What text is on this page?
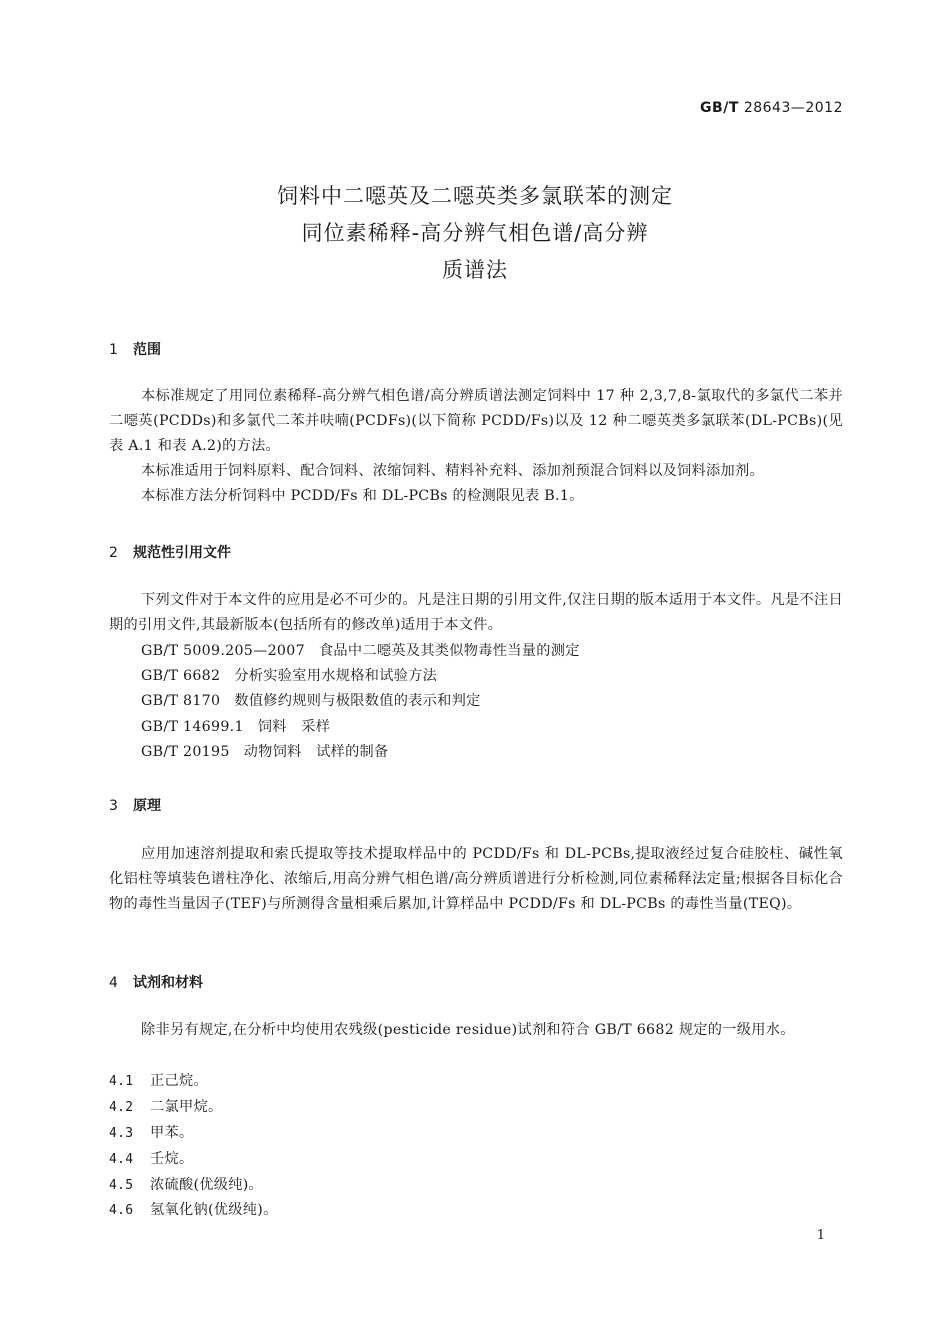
GB/T 28643—2012
饲料中二噁英及二噁英类多氯联苯的测定
同位素稀释-高分辨气相色谱/高分辨
质谱法
1 范围
本标准规定了用同位素稀释-高分辨气相色谱/高分辨质谱法测定饲料中 17 种 2,3,7,8-氯取代的多氯代二苯并二噁英(PCDDs)和多氯代二苯并呋喃(PCDFs)(以下简称 PCDD/Fs)以及 12 种二噁英类多氯联苯(DL-PCBs)(见表 A.1 和表 A.2)的方法。
本标准适用于饲料原料、配合饲料、浓缩饲料、精料补充料、添加剂预混合饲料以及饲料添加剂。
本标准方法分析饲料中 PCDD/Fs 和 DL-PCBs 的检测限见表 B.1。
2 规范性引用文件
下列文件对于本文件的应用是必不可少的。凡是注日期的引用文件,仅注日期的版本适用于本文件。凡是不注日期的引用文件,其最新版本(包括所有的修改单)适用于本文件。
GB/T 5009.205—2007 食品中二噁英及其类似物毒性当量的测定
GB/T 6682 分析实验室用水规格和试验方法
GB/T 8170 数值修约规则与极限数值的表示和判定
GB/T 14699.1 饲料　采样
GB/T 20195 动物饲料　试样的制备
3 原理
应用加速溶剂提取和索氏提取等技术提取样品中的 PCDD/Fs 和 DL-PCBs,提取液经过复合硅胶柱、碱性氧化铝柱等填装色谱柱净化、浓缩后,用高分辨气相色谱/高分辨质谱进行分析检测,同位素稀释法定量;根据各目标化合物的毒性当量因子(TEF)与所测得含量相乘后累加,计算样品中 PCDD/Fs 和 DL-PCBs 的毒性当量(TEQ)。
4 试剂和材料
除非另有规定,在分析中均使用农残级(pesticide residue)试剂和符合 GB/T 6682 规定的一级用水。
4.1 正己烷。
4.2 二氯甲烷。
4.3 甲苯。
4.4 壬烷。
4.5 浓硫酸(优级纯)。
4.6 氢氧化钠(优级纯)。
1
